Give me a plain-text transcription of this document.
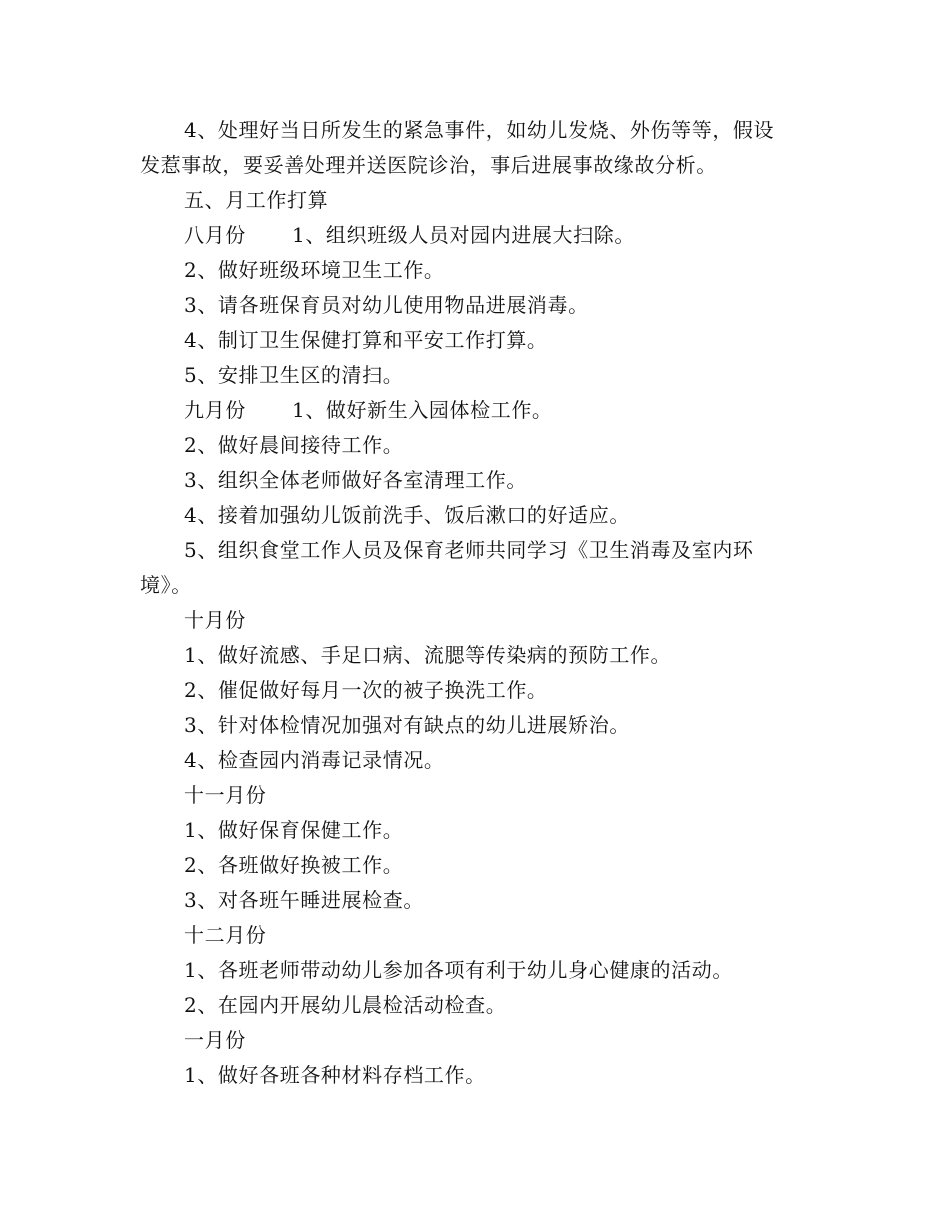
4、处理好当日所发生的紧急事件，如幼儿发烧、外伤等等，假设
发惹事故，要妥善处理并送医院诊治，事后进展事故缘故分析。
五、月工作打算
八月份 1、组织班级人员对园内进展大扫除。
2、做好班级环境卫生工作。
3、请各班保育员对幼儿使用物品进展消毒。
4、制订卫生保健打算和平安工作打算。
5、安排卫生区的清扫。
九月份 1、做好新生入园体检工作。
2、做好晨间接待工作。
3、组织全体老师做好各室清理工作。
4、接着加强幼儿饭前洗手、饭后漱口的好适应。
5、组织食堂工作人员及保育老师共同学习《卫生消毒及室内环
境》。
十月份
1、做好流感、手足口病、流腮等传染病的预防工作。
2、催促做好每月一次的被子换洗工作。
3、针对体检情况加强对有缺点的幼儿进展矫治。
4、检查园内消毒记录情况。
十一月份
1、做好保育保健工作。
2、各班做好换被工作。
3、对各班午睡进展检查。
十二月份
1、各班老师带动幼儿参加各项有利于幼儿身心健康的活动。
2、在园内开展幼儿晨检活动检查。
一月份
1、做好各班各种材料存档工作。
